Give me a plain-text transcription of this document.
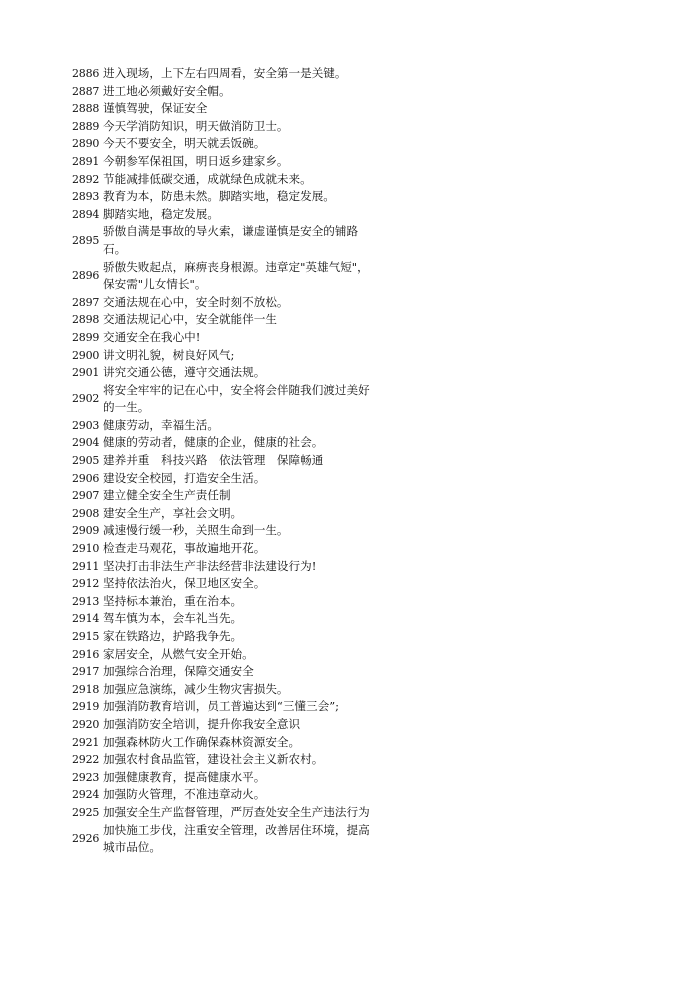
2886 进入现场，上下左右四周看，安全第一是关键。
2887 进工地必须戴好安全帽。
2888 谨慎驾驶，保证安全
2889 今天学消防知识，明天做消防卫士。
2890 今天不要安全，明天就丢饭碗。
2891 今朝参军保祖国，明日返乡建家乡。
2892 节能减排低碳交通，成就绿色成就未来。
2893 教育为本，防患未然。脚踏实地，稳定发展。
2894 脚踏实地，稳定发展。
2895
骄傲自满是事故的导火索，谦虚谨慎是安全的铺路石。
2896
骄傲失败起点，麻痹丧身根源。违章定"英雄气短"，保安需"儿女情长"。
2897 交通法规在心中，安全时刻不放松。
2898 交通法规记心中，安全就能伴一生
2899 交通安全在我心中!
2900 讲文明礼貌，树良好风气;
2901 讲究交通公德，遵守交通法规。
2902
将安全牢牢的记在心中，安全将会伴随我们渡过美好的一生。
2903 健康劳动，幸福生活。
2904 健康的劳动者，健康的企业，健康的社会。
2905 建养并重　科技兴路　依法管理　保障畅通
2906 建设安全校园，打造安全生活。
2907 建立健全安全生产责任制
2908 建安全生产，享社会文明。
2909 减速慢行缓一秒，关照生命到一生。
2910 检查走马观花，事故遍地开花。
2911 坚决打击非法生产非法经营非法建设行为!
2912 坚持依法治火，保卫地区安全。
2913 坚持标本兼治，重在治本。
2914 驾车慎为本，会车礼当先。
2915 家在铁路边，护路我争先。
2916 家居安全，从燃气安全开始。
2917 加强综合治理，保障交通安全
2918 加强应急演练，减少生物灾害损失。
2919 加强消防教育培训，员工普遍达到“三懂三会”;
2920 加强消防安全培训，提升你我安全意识
2921 加强森林防火工作确保森林资源安全。
2922 加强农村食品监管，建设社会主义新农村。
2923 加强健康教育，提高健康水平。
2924 加强防火管理，不准违章动火。
2925 加强安全生产监督管理，严厉查处安全生产违法行为
2926
加快施工步伐，注重安全管理，改善居住环境，提高城市品位。
